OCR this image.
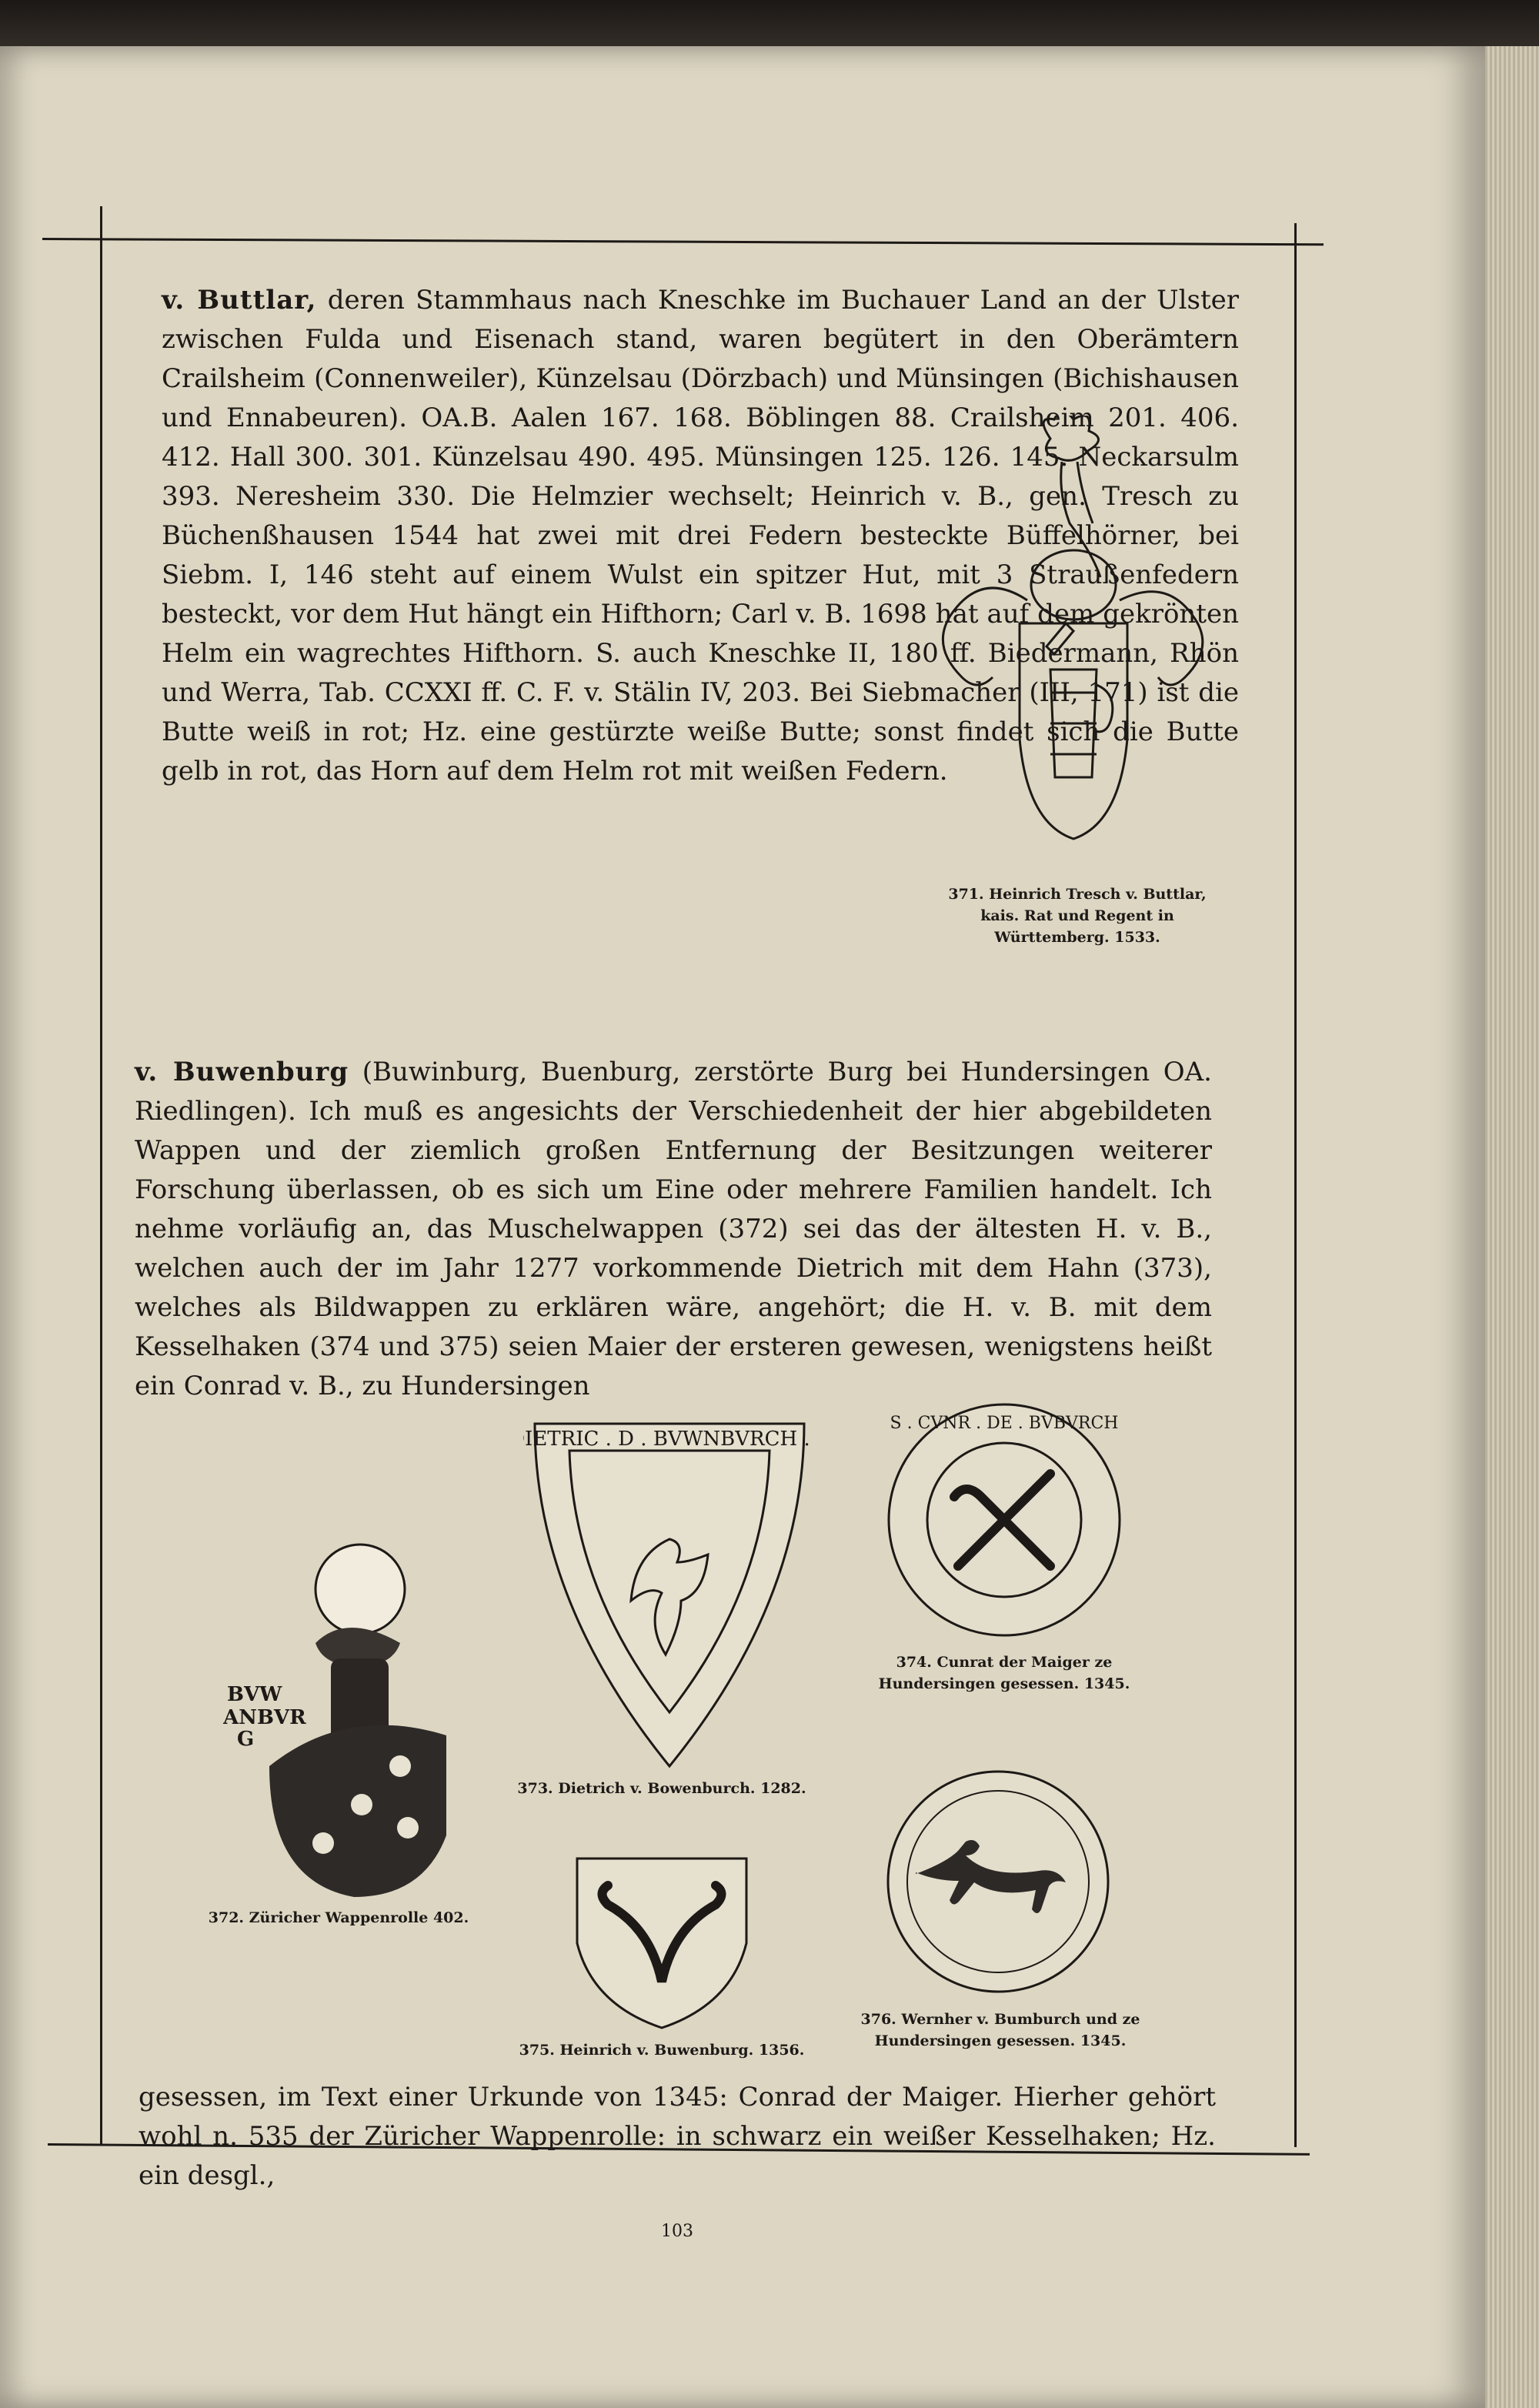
v. Buttlar, deren Stammhaus nach Kneschke im Buchauer Land an der Ulster zwischen Fulda und Eisenach stand, waren begütert in den Oberämtern Crailsheim (Connenweiler), Künzelsau (Dörzbach) und Münsingen (Bichishausen und Ennabeuren). OA.B. Aalen 167. 168. Böblingen 88. Crailsheim 201. 406. 412. Hall 300. 301. Künzelsau 490. 495. Münsingen 125. 126. 145. Neckarsulm 393. Neresheim 330. Die Helmzier wechselt; Heinrich v. B., gen. Tresch zu Büchenßhausen 1544 hat zwei mit drei Federn besteckte Büffelhörner, bei Siebm. I, 146 steht auf einem Wulst ein spitzer Hut, mit 3 Straußenfedern besteckt, vor dem Hut hängt ein Hifthorn; Carl v. B. 1698 hat auf dem gekrönten Helm ein wagrechtes Hifthorn. S. auch Kneschke II, 180 ff. Biedermann, Rhön und Werra, Tab. CCXXI ff. C. F. v. Stälin IV, 203. Bei Siebmacher (III, 171) ist die Butte weiß in rot; Hz. eine gestürzte weiße Butte; sonst findet sich die Butte gelb in rot, das Horn auf dem Helm rot mit weißen Federn.

371. Heinrich Tresch v. Buttlar, kais. Rat und Regent in Württemberg. 1533.

v. Buwenburg (Buwinburg, Buenburg, zerstörte Burg bei Hundersingen OA. Riedlingen). Ich muß es angesichts der Verschiedenheit der hier abgebildeten Wappen und der ziemlich großen Entfernung der Besitzungen weiterer Forschung überlassen, ob es sich um Eine oder mehrere Familien handelt. Ich nehme vorläufig an, das Muschelwappen (372) sei das der ältesten H. v. B., welchen auch der im Jahr 1277 vorkommende Dietrich mit dem Hahn (373), welches als Bildwappen zu erklären wäre, angehört; die H. v. B. mit dem Kesselhaken (374 und 375) seien Maier der ersteren gewesen, wenigstens heißt ein Conrad v. B., zu Hundersingen

BVW
ANBVR
G
372. Züricher Wappenrolle 402.
DIETRIC . D . BVWNBVRCH . S
373. Dietrich v. Bowenburch. 1282.
S . CVNR . DE . BVBVRCH
374. Cunrat der Maiger ze Hundersingen gesessen. 1345.
375. Heinrich v. Buwenburg. 1356.
376. Wernher v. Bumburch und ze Hundersingen gesessen. 1345.

gesessen, im Text einer Urkunde von 1345: Conrad der Maiger. Hierher gehört wohl n. 535 der Züricher Wappenrolle: in schwarz ein weißer Kesselhaken; Hz. ein desgl.,

103
